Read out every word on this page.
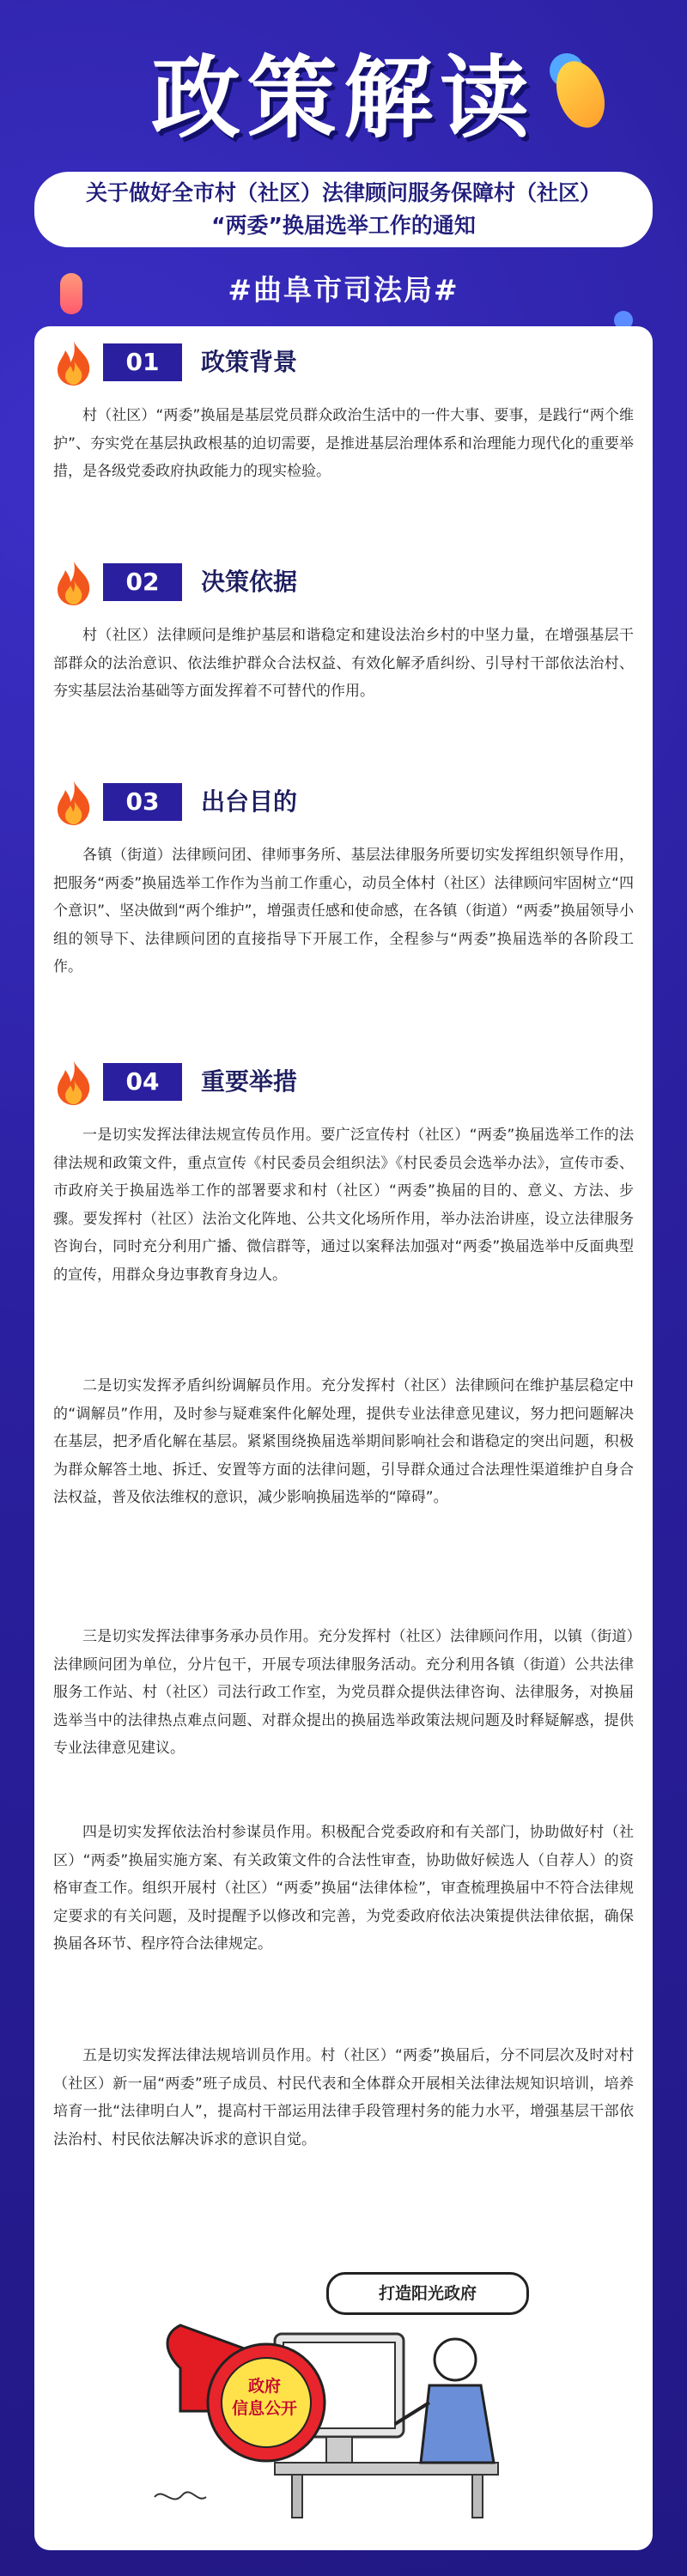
政策解读
关于做好全市村（社区）法律顾问服务保障村（社区）
“两委”换届选举工作的通知
#曲阜市司法局#
01	政策背景

村（社区）“两委”换届是基层党员群众政治生活中的一件大事、要事，是践行“两个维护”、夯实党在基层执政根基的迫切需要，是推进基层治理体系和治理能力现代化的重要举措，是各级党委政府执政能力的现实检验。

02	决策依据

村（社区）法律顾问是维护基层和谐稳定和建设法治乡村的中坚力量，在增强基层干部群众的法治意识、依法维护群众合法权益、有效化解矛盾纠纷、引导村干部依法治村、夯实基层法治基础等方面发挥着不可替代的作用。

03	出台目的

各镇（街道）法律顾问团、律师事务所、基层法律服务所要切实发挥组织领导作用，把服务“两委”换届选举工作作为当前工作重心，动员全体村（社区）法律顾问牢固树立“四个意识”、坚决做到“两个维护”，增强责任感和使命感，在各镇（街道）“两委”换届领导小组的领导下、法律顾问团的直接指导下开展工作，全程参与“两委”换届选举的各阶段工作。

04	重要举措

一是切实发挥法律法规宣传员作用。要广泛宣传村（社区）“两委”换届选举工作的法律法规和政策文件，重点宣传《村民委员会组织法》《村民委员会选举办法》，宣传市委、市政府关于换届选举工作的部署要求和村（社区）“两委”换届的目的、意义、方法、步骤。要发挥村（社区）法治文化阵地、公共文化场所作用，举办法治讲座，设立法律服务咨询台，同时充分利用广播、微信群等，通过以案释法加强对“两委”换届选举中反面典型的宣传，用群众身边事教育身边人。

二是切实发挥矛盾纠纷调解员作用。充分发挥村（社区）法律顾问在维护基层稳定中的“调解员”作用，及时参与疑难案件化解处理，提供专业法律意见建议，努力把问题解决在基层，把矛盾化解在基层。紧紧围绕换届选举期间影响社会和谐稳定的突出问题，积极为群众解答土地、拆迁、安置等方面的法律问题，引导群众通过合法理性渠道维护自身合法权益，普及依法维权的意识，减少影响换届选举的“障碍”。

三是切实发挥法律事务承办员作用。充分发挥村（社区）法律顾问作用，以镇（街道）法律顾问团为单位，分片包干，开展专项法律服务活动。充分利用各镇（街道）公共法律服务工作站、村（社区）司法行政工作室，为党员群众提供法律咨询、法律服务，对换届选举当中的法律热点难点问题、对群众提出的换届选举政策法规问题及时释疑解惑，提供专业法律意见建议。

四是切实发挥依法治村参谋员作用。积极配合党委政府和有关部门，协助做好村（社区）“两委”换届实施方案、有关政策文件的合法性审查，协助做好候选人（自荐人）的资格审查工作。组织开展村（社区）“两委”换届“法律体检”，审查梳理换届中不符合法律规定要求的有关问题，及时提醒予以修改和完善，为党委政府依法决策提供法律依据，确保换届各环节、程序符合法律规定。

五是切实发挥法律法规培训员作用。村（社区）“两委”换届后，分不同层次及时对村（社区）新一届“两委”班子成员、村民代表和全体群众开展相关法律法规知识培训，培养培育一批“法律明白人”，提高村干部运用法律手段管理村务的能力水平，增强基层干部依法治村、村民依法解决诉求的意识自觉。

打造阳光政府
政府
信息公开
